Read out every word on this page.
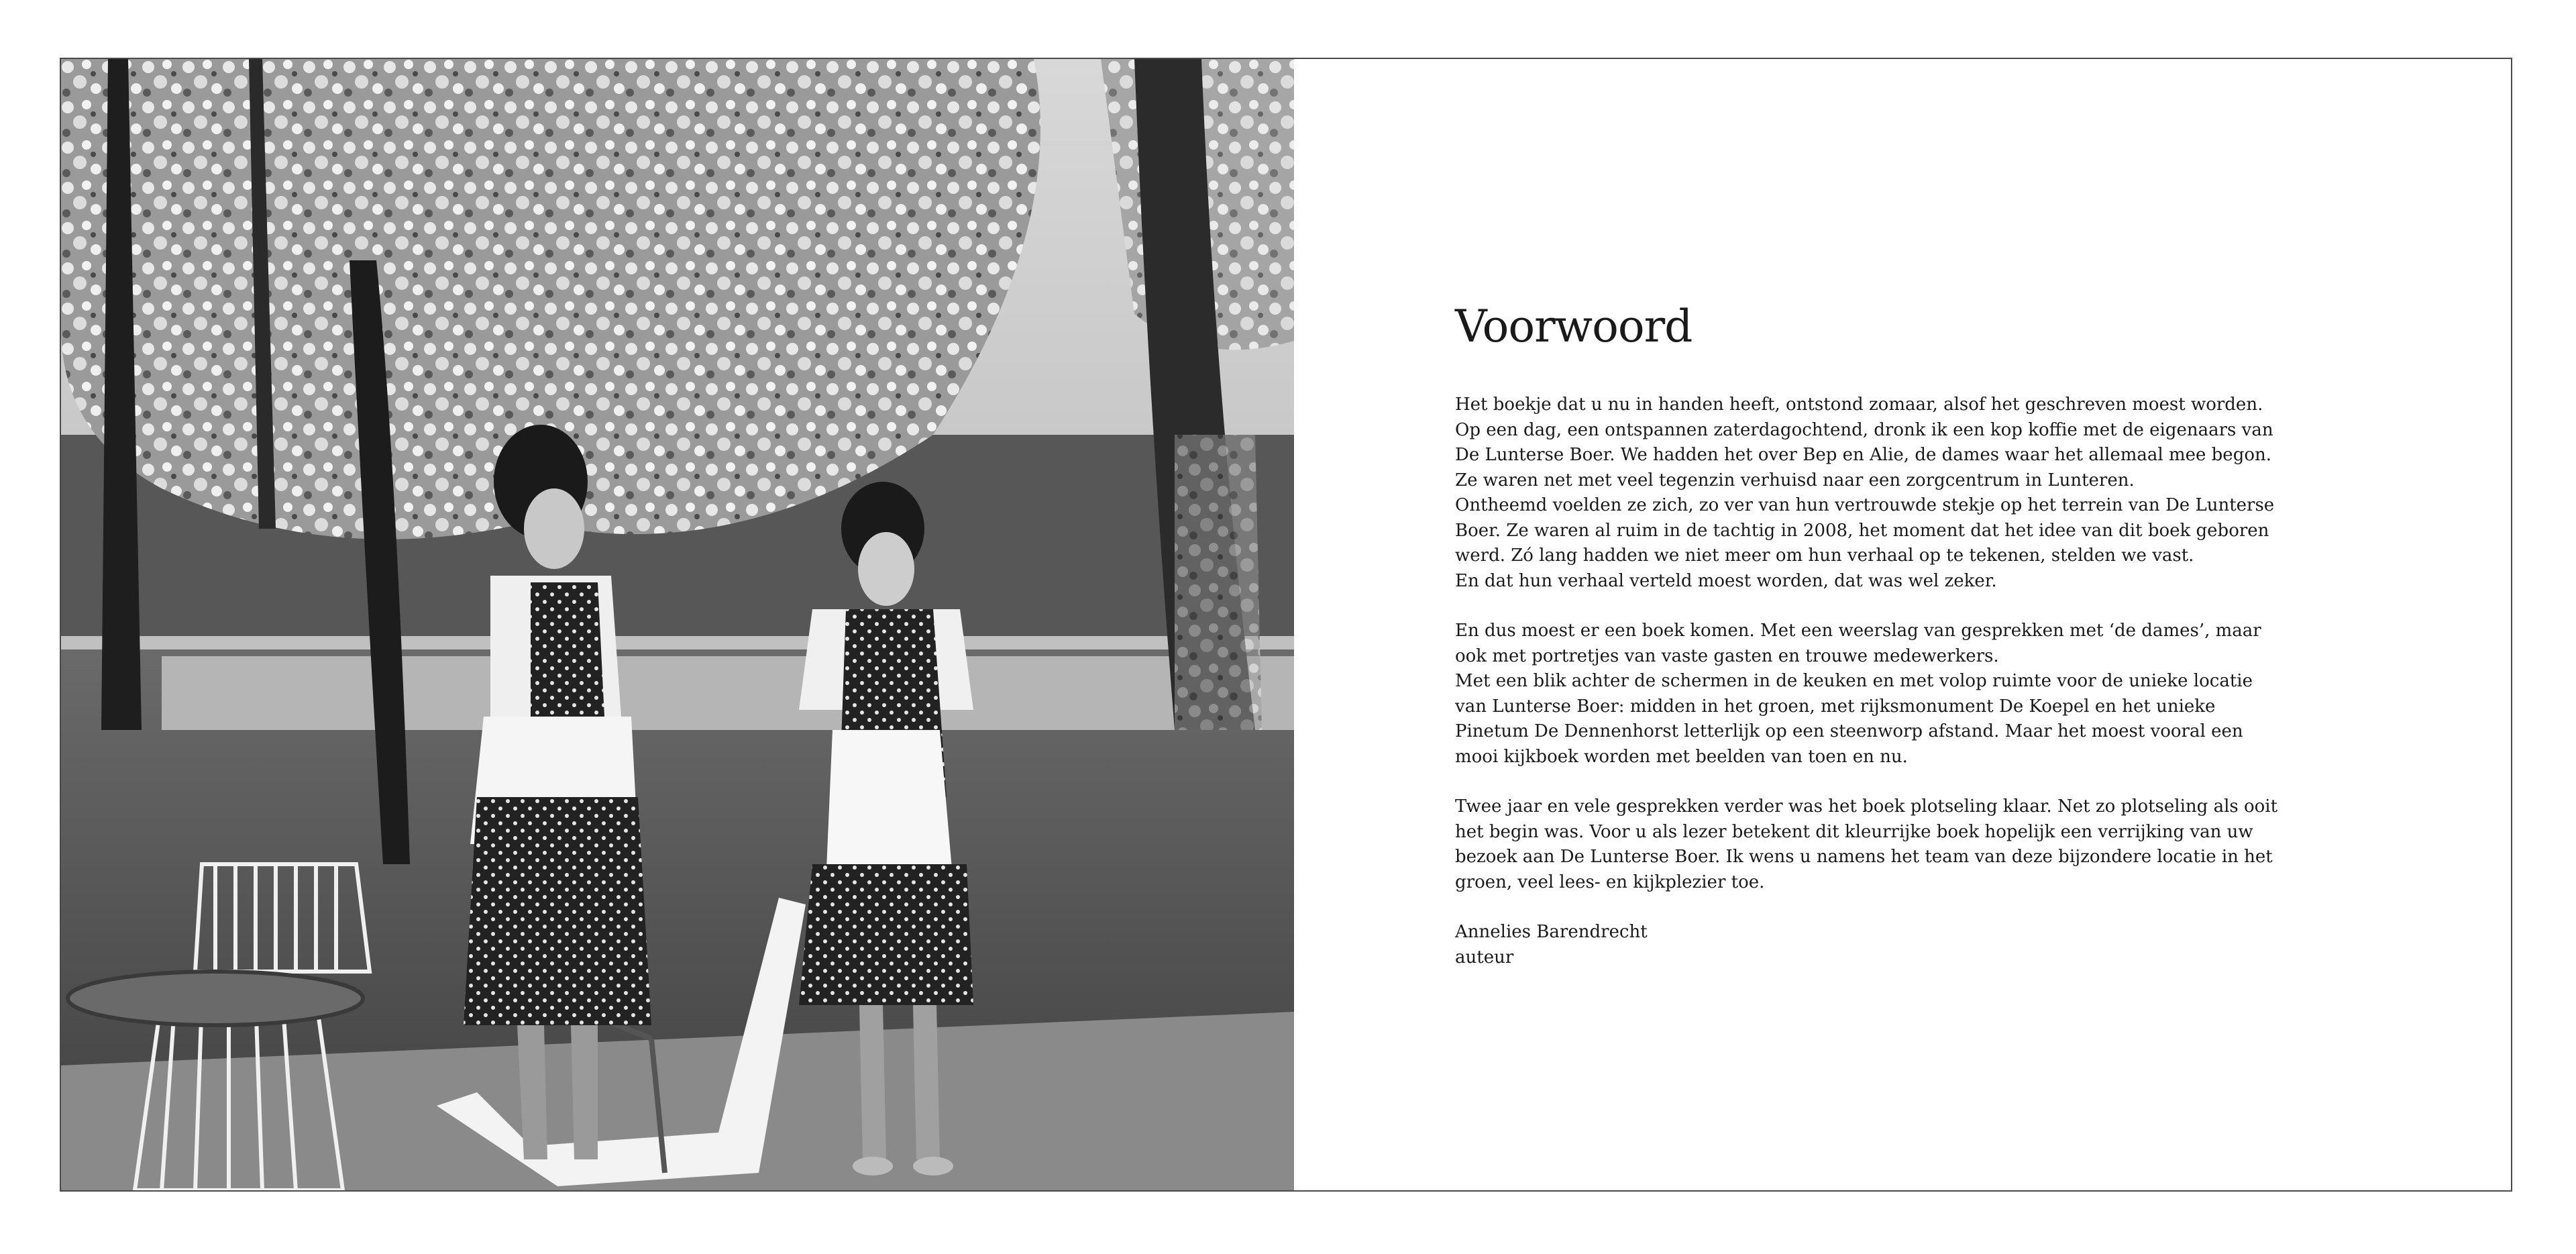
Voorwoord
Het boekje dat u nu in handen heeft, ontstond zomaar, alsof het geschreven moest worden.
Op een dag, een ontspannen zaterdagochtend, dronk ik een kop koffie met de eigenaars van
De Lunterse Boer. We hadden het over Bep en Alie, de dames waar het allemaal mee begon.
Ze waren net met veel tegenzin verhuisd naar een zorgcentrum in Lunteren.
Ontheemd voelden ze zich, zo ver van hun vertrouwde stekje op het terrein van De Lunterse
Boer. Ze waren al ruim in de tachtig in 2008, het moment dat het idee van dit boek geboren
werd. Zó lang hadden we niet meer om hun verhaal op te tekenen, stelden we vast.
En dat hun verhaal verteld moest worden, dat was wel zeker.
En dus moest er een boek komen. Met een weerslag van gesprekken met ‘de dames’, maar
ook met portretjes van vaste gasten en trouwe medewerkers.
Met een blik achter de schermen in de keuken en met volop ruimte voor de unieke locatie
van Lunterse Boer: midden in het groen, met rijksmonument De Koepel en het unieke
Pinetum De Dennenhorst letterlijk op een steenworp afstand. Maar het moest vooral een
mooi kijkboek worden met beelden van toen en nu.
Twee jaar en vele gesprekken verder was het boek plotseling klaar. Net zo plotseling als ooit
het begin was. Voor u als lezer betekent dit kleurrijke boek hopelijk een verrijking van uw
bezoek aan De Lunterse Boer. Ik wens u namens het team van deze bijzondere locatie in het
groen, veel lees- en kijkplezier toe.
Annelies Barendrecht
auteur
